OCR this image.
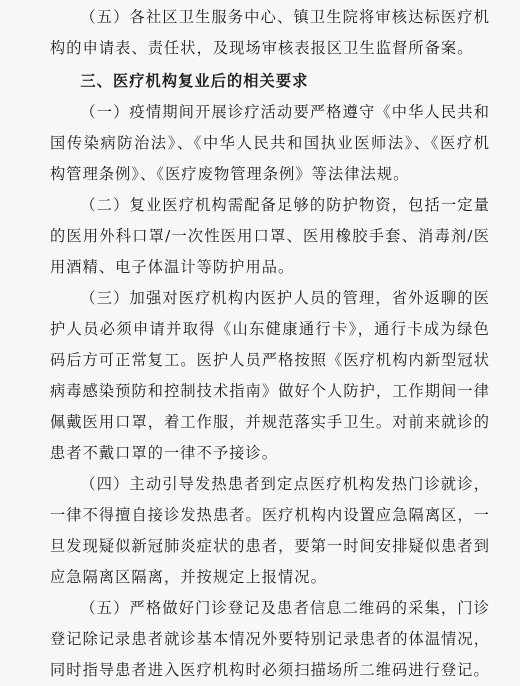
（五）各社区卫生服务中心、镇卫生院将审核达标医疗机构的申请表、责任状，及现场审核表报区卫生监督所备案。

三、医疗机构复业后的相关要求

（一）疫情期间开展诊疗活动要严格遵守《中华人民共和国传染病防治法》、《中华人民共和国执业医师法》、《医疗机构管理条例》、《医疗废物管理条例》等法律法规。

（二）复业医疗机构需配备足够的防护物资，包括一定量的医用外科口罩/一次性医用口罩、医用橡胶手套、消毒剂/医用酒精、电子体温计等防护用品。

（三）加强对医疗机构内医护人员的管理，省外返聊的医护人员必须申请并取得《山东健康通行卡》，通行卡成为绿色码后方可正常复工。医护人员严格按照《医疗机构内新型冠状病毒感染预防和控制技术指南》做好个人防护，工作期间一律佩戴医用口罩，着工作服，并规范落实手卫生。对前来就诊的患者不戴口罩的一律不予接诊。

（四）主动引导发热患者到定点医疗机构发热门诊就诊，一律不得擅自接诊发热患者。医疗机构内设置应急隔离区，一旦发现疑似新冠肺炎症状的患者，要第一时间安排疑似患者到应急隔离区隔离，并按规定上报情况。

（五）严格做好门诊登记及患者信息二维码的采集，门诊登记除记录患者就诊基本情况外要特别记录患者的体温情况，同时指导患者进入医疗机构时必须扫描场所二维码进行登记。
